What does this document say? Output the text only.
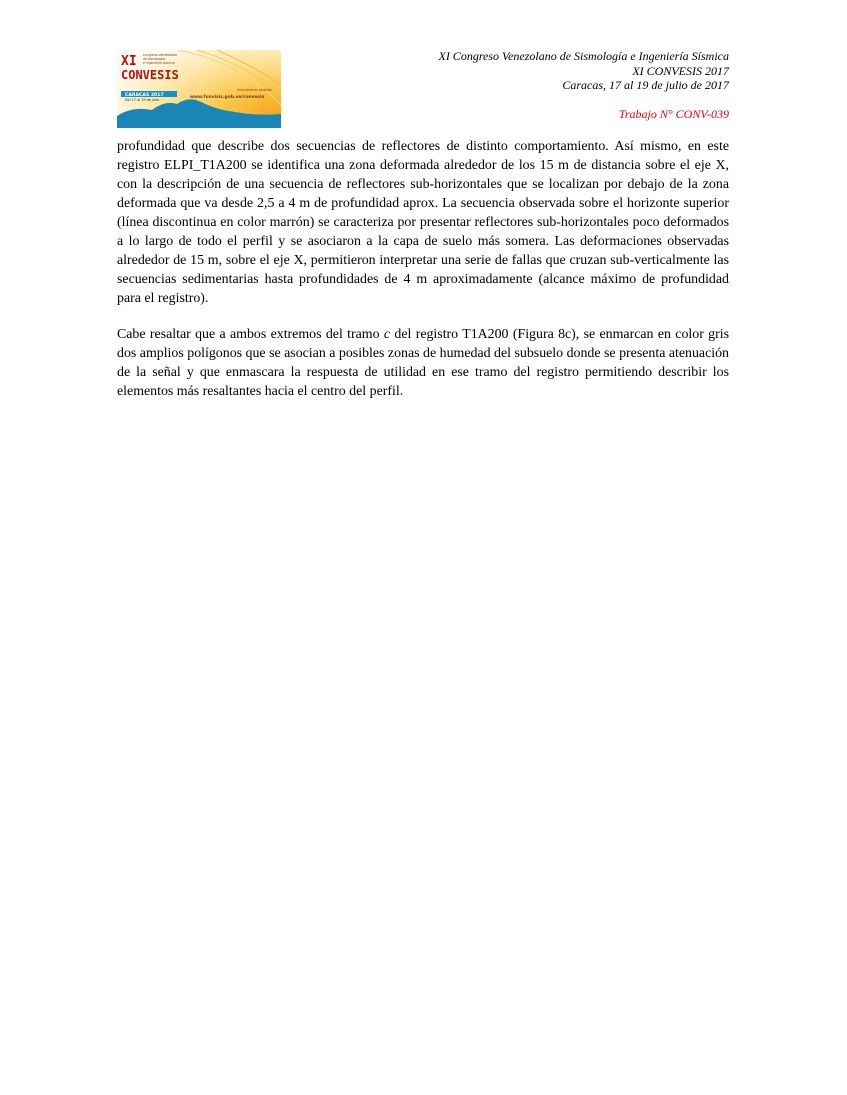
XI congreso venezolano
de sismología
e ingeniería sísmica
CONVESIS
CARACAS 2017
Del 17 al 19 de julio
Inscripciones abiertas
www.funvisis.gob.ve/convesis
XI Congreso Venezolano de Sismología e Ingeniería Sísmica
XI CONVESIS 2017
Caracas, 17 al 19 de julio de 2017
Trabajo N° CONV-039

profundidad que describe dos secuencias de reflectores de distinto comportamiento. Así mismo, en este registro ELPI_T1A200 se identifica una zona deformada alrededor de los 15 m de distancia sobre el eje X, con la descripción de una secuencia de reflectores sub-horizontales que se localizan por debajo de la zona deformada que va desde 2,5 a 4 m de profundidad aprox. La secuencia observada sobre el horizonte superior (línea discontinua en color marrón) se caracteriza por presentar reflectores sub-horizontales poco deformados a lo largo de todo el perfil y se asociaron a la capa de suelo más somera. Las deformaciones observadas alrededor de 15 m, sobre el eje X, permitieron interpretar una serie de fallas que cruzan sub-verticalmente las secuencias sedimentarias hasta profundidades de 4 m aproximadamente (alcance máximo de profundidad para el registro).

Cabe resaltar que a ambos extremos del tramo c del registro T1A200 (Figura 8c), se enmarcan en color gris dos amplios polígonos que se asocian a posibles zonas de humedad del subsuelo donde se presenta atenuación de la señal y que enmascara la respuesta de utilidad en ese tramo del registro permitiendo describir los elementos más resaltantes hacia el centro del perfil.
